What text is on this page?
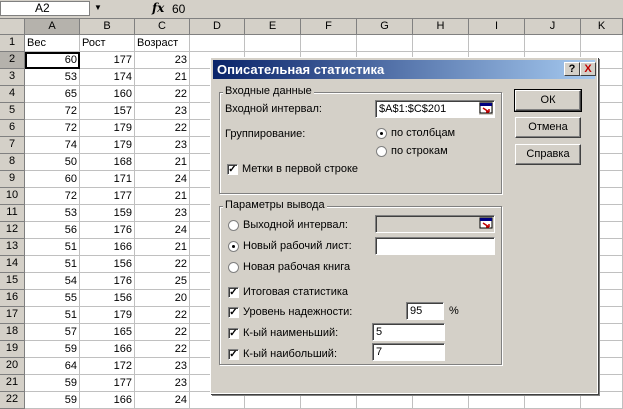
A2	▼	fx 60
A	B	C	D	E	F	G	H	I	J	K
1	Вес	Рост	Возраст
2	60	177	23
3	53	174	21
4	65	160	22
5	72	157	23
6	72	179	22
7	74	179	23
8	50	168	21
9	60	171	24
10	72	177	21
11	53	159	23
12	56	176	24
13	51	166	21
14	51	156	22
15	54	176	25
16	55	156	20
17	51	179	22
18	57	165	22
19	59	166	22
20	64	172	23
21	59	177	23
22	59	166	24
Описательная статистика	? X
Входные данные
Входной интервал:	$A$1:$C$201
Группирование:	по столбцам
по строкам
✓ Метки в первой строке
Параметры вывода
Выходной интервал:
Новый рабочий лист:
Новая рабочая книга
✓ Итоговая статистика
✓ Уровень надежности:	95	%
✓ К-ый наименьший:	5
✓ К-ый наибольший:	7
ОК
Отмена
Справка
